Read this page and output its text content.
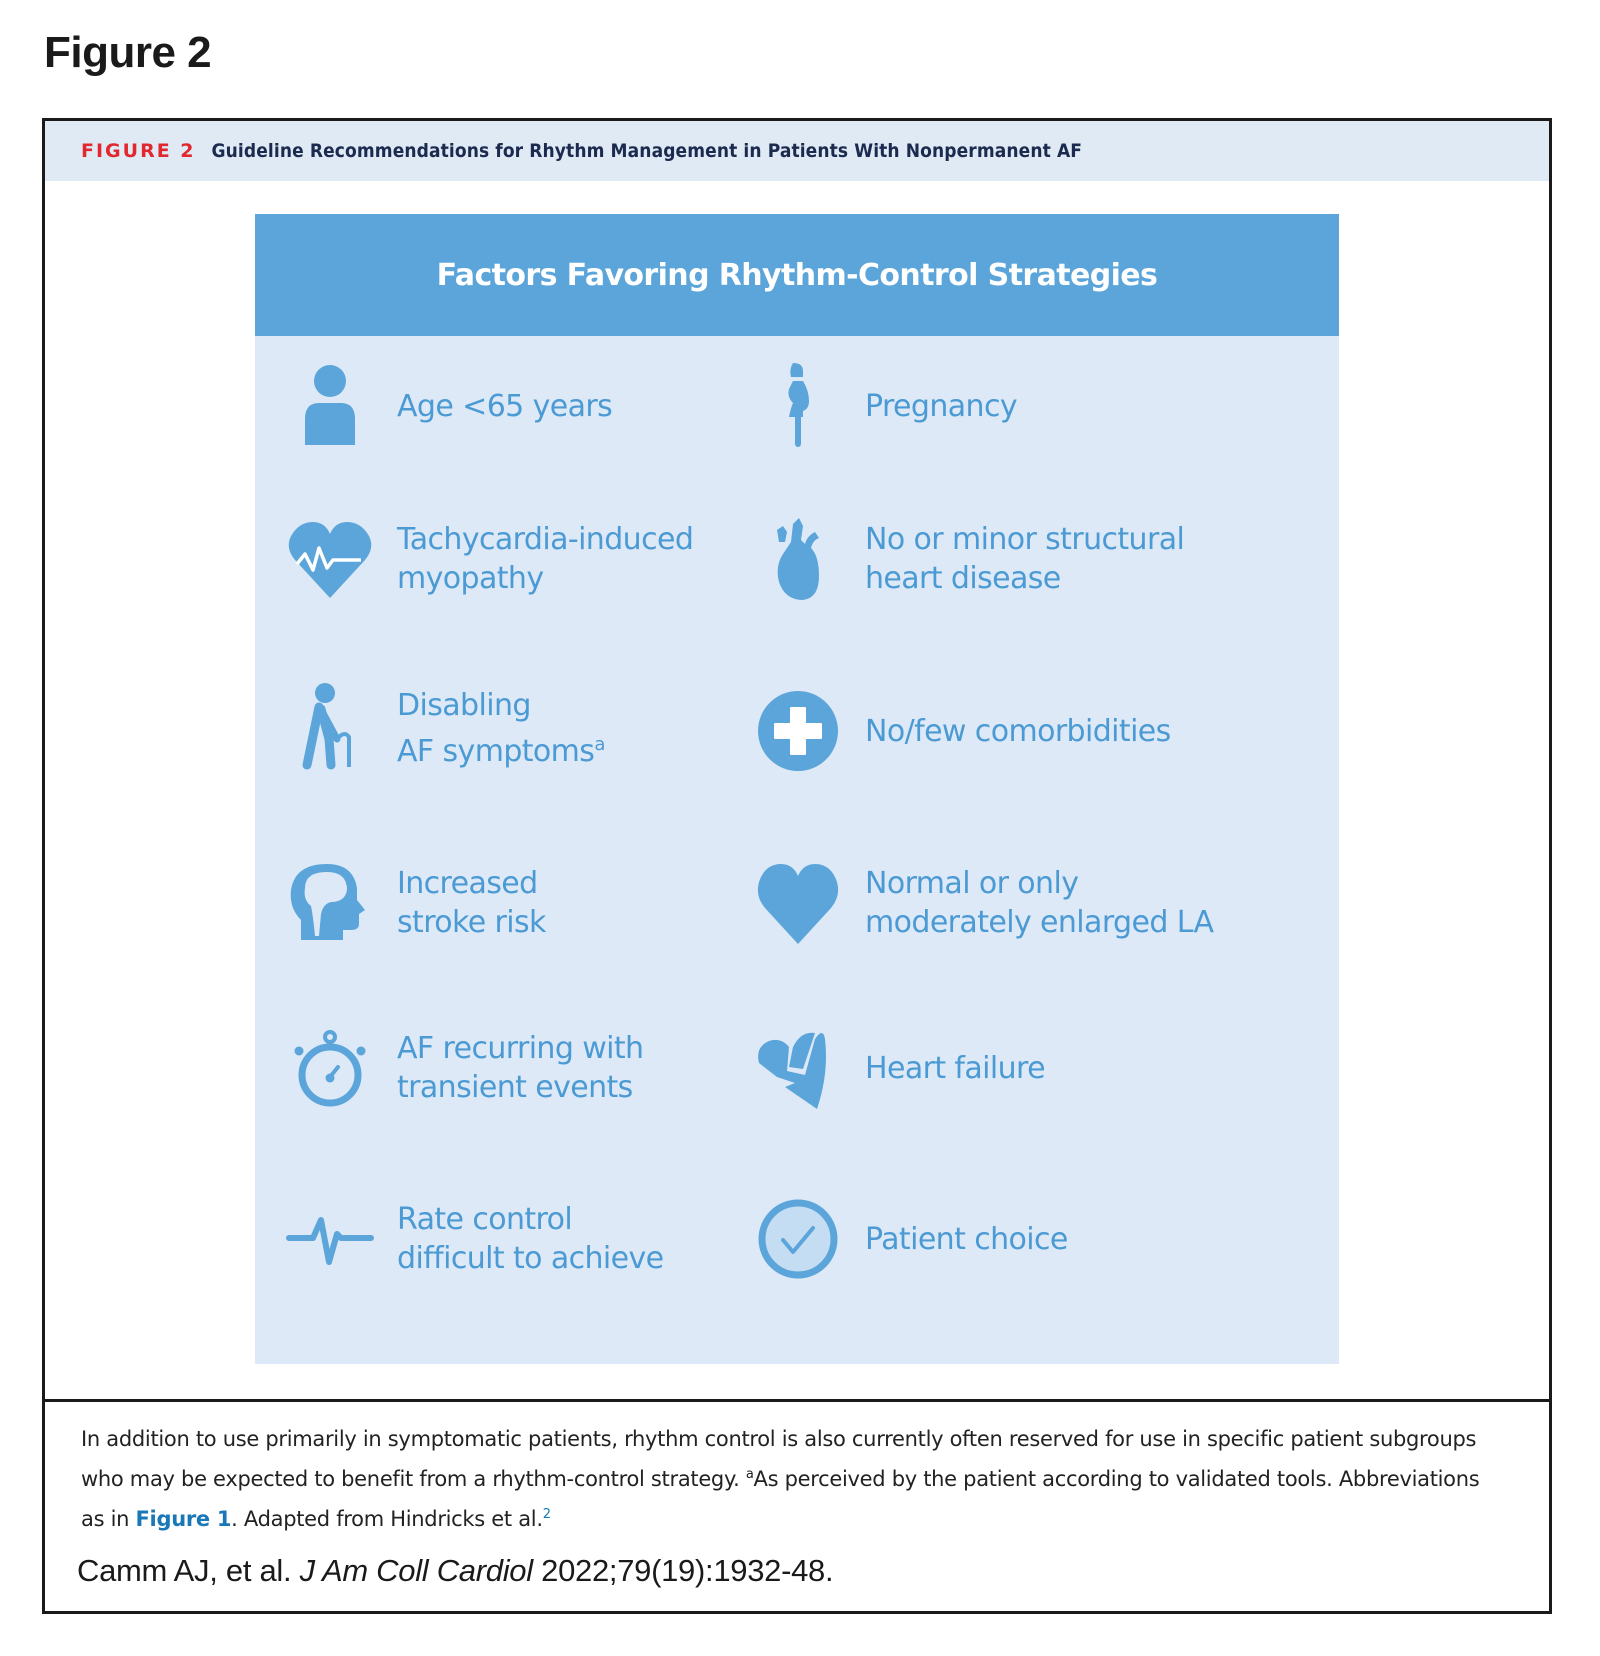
Figure 2
FIGURE 2 Guideline Recommendations for Rhythm Management in Patients With Nonpermanent AF
Factors Favoring Rhythm-Control Strategies
Age <65 years
Tachycardia-induced
myopathy
Disabling
AF symptoms$^a$
Increased
stroke risk
AF recurring with
transient events
Rate control
difficult to achieve
Pregnancy
No or minor structural
heart disease
No/few comorbidities
Normal or only
moderately enlarged LA
Heart failure
Patient choice
In addition to use primarily in symptomatic patients, rhythm control is also currently often reserved for use in specific patient subgroups who may be expected to benefit from a rhythm-control strategy. $^a$As perceived by the patient according to validated tools. Abbreviations as in Figure 1. Adapted from Hindricks et al.$^2$
Camm AJ, et al. J Am Coll Cardiol 2022;79(19):1932-48.
